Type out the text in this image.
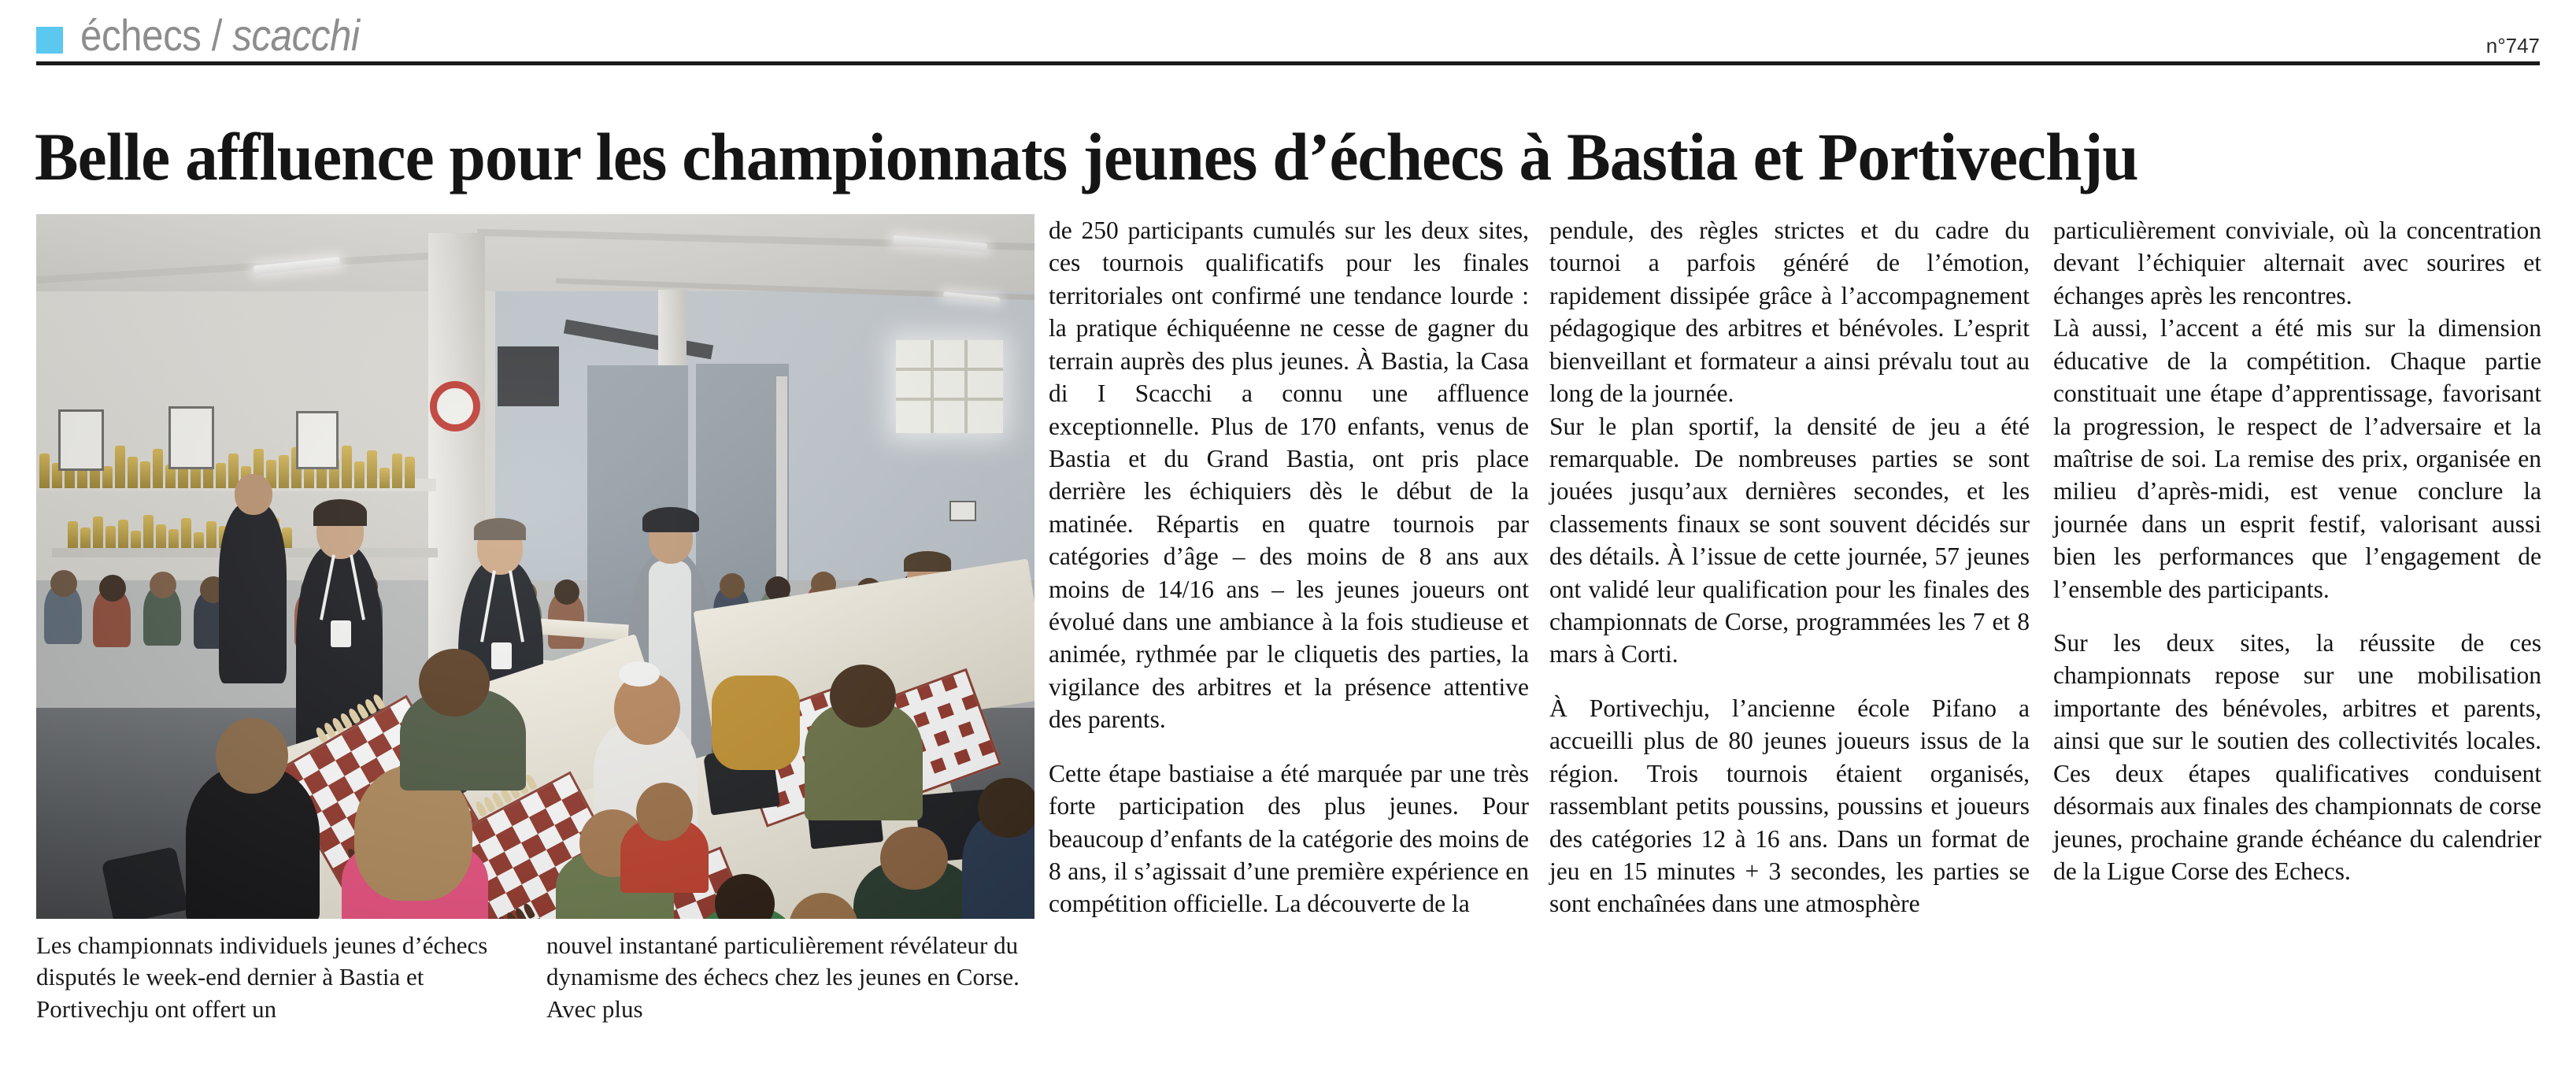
échecs / scacchi	n°747
Belle affluence pour les championnats jeunes d’échecs à Bastia et Portivechju
Les championnats individuels jeunes d’échecs disputés le week-end dernier à Bastia et Portivechju ont offert un
nouvel instantané particulièrement révélateur du dynamisme des échecs chez les jeunes en Corse. Avec plus

de 250 participants cumulés sur les deux sites, ces tournois qualificatifs pour les finales territoriales ont confirmé une tendance lourde : la pratique échiquéenne ne cesse de gagner du terrain auprès des plus jeunes. À Bastia, la Casa di I Scacchi a connu une affluence exceptionnelle. Plus de 170 enfants, venus de Bastia et du Grand Bastia, ont pris place derrière les échiquiers dès le début de la matinée. Répartis en quatre tournois par catégories d’âge – des moins de 8 ans aux moins de 14/16 ans – les jeunes joueurs ont évolué dans une ambiance à la fois studieuse et animée, rythmée par le cliquetis des parties, la vigilance des arbitres et la présence attentive des parents.

Cette étape bastiaise a été marquée par une très forte participation des plus jeunes. Pour beaucoup d’enfants de la catégorie des moins de 8 ans, il s’agissait d’une première expérience en compétition officielle. La découverte de la

pendule, des règles strictes et du cadre du tournoi a parfois généré de l’émotion, rapidement dissipée grâce à l’accompagnement pédagogique des arbitres et bénévoles. L’esprit bienveillant et formateur a ainsi prévalu tout au long de la journée.

Sur le plan sportif, la densité de jeu a été remarquable. De nombreuses parties se sont jouées jusqu’aux dernières secondes, et les classements finaux se sont souvent décidés sur des détails. À l’issue de cette journée, 57 jeunes ont validé leur qualification pour les finales des championnats de Corse, programmées les 7 et 8 mars à Corti.

À Portivechju, l’ancienne école Pifano a accueilli plus de 80 jeunes joueurs issus de la région. Trois tournois étaient organisés, rassemblant petits poussins, poussins et joueurs des catégories 12 à 16 ans. Dans un format de jeu en 15 minutes + 3 secondes, les parties se sont enchaînées dans une atmosphère

particulièrement conviviale, où la concentration devant l’échiquier alternait avec sourires et échanges après les rencontres.

Là aussi, l’accent a été mis sur la dimension éducative de la compétition. Chaque partie constituait une étape d’apprentissage, favorisant la progression, le respect de l’adversaire et la maîtrise de soi. La remise des prix, organisée en milieu d’après-midi, est venue conclure la journée dans un esprit festif, valorisant aussi bien les performances que l’engagement de l’ensemble des participants.

Sur les deux sites, la réussite de ces championnats repose sur une mobilisation importante des bénévoles, arbitres et parents, ainsi que sur le soutien des collectivités locales. Ces deux étapes qualificatives conduisent désormais aux finales des championnats de corse jeunes, prochaine grande échéance du calendrier de la Ligue Corse des Echecs.
